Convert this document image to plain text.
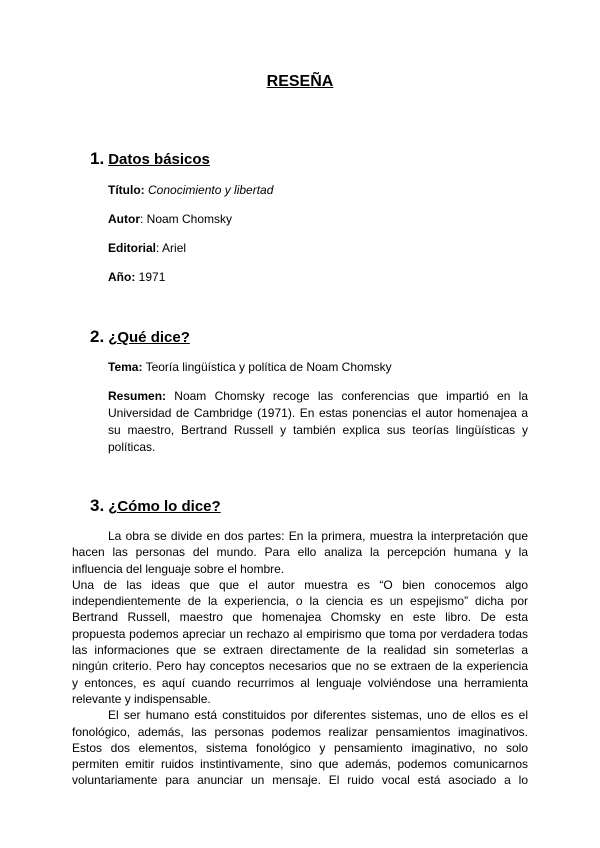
RESEÑA
1. Datos básicos
Título: Conocimiento y libertad
Autor: Noam Chomsky
Editorial: Ariel
Año: 1971
2. ¿Qué dice?
Tema: Teoría lingüística y política de Noam Chomsky
Resumen: Noam Chomsky recoge las conferencias que impartió en la
Universidad de Cambridge (1971). En estas ponencias el autor homenajea a
su maestro, Bertrand Russell y también explica sus teorías lingüísticas y
políticas.
3. ¿Cómo lo dice?
La obra se divide en dos partes: En la primera, muestra la interpretación que
hacen las personas del mundo. Para ello analiza la percepción humana y la
influencia del lenguaje sobre el hombre.
Una de las ideas que que el autor muestra es “O bien conocemos algo
independientemente de la experiencia, o la ciencia es un espejismo” dicha por
Bertrand Russell, maestro que homenajea Chomsky en este libro. De esta
propuesta podemos apreciar un rechazo al empirismo que toma por verdadera todas
las informaciones que se extraen directamente de la realidad sin someterlas a
ningún criterio. Pero hay conceptos necesarios que no se extraen de la experiencia
y entonces, es aquí cuando recurrimos al lenguaje volviéndose una herramienta
relevante y indispensable.
El ser humano está constituidos por diferentes sistemas, uno de ellos es el
fonológico, además, las personas podemos realizar pensamientos imaginativos.
Estos dos elementos, sistema fonológico y pensamiento imaginativo, no solo
permiten emitir ruidos instintivamente, sino que además, podemos comunicarnos
voluntariamente para anunciar un mensaje. El ruido vocal está asociado a lo
